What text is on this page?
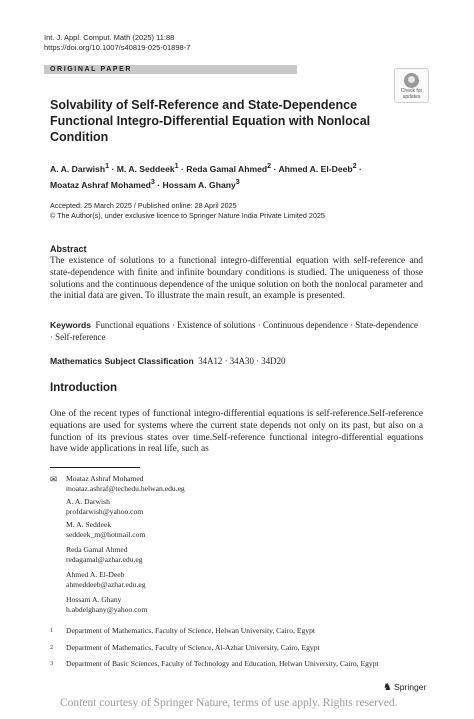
Int. J. Appl. Comput. Math (2025) 11:88
https://doi.org/10.1007/s40819-025-01898-7
ORIGINAL PAPER
Check for
updates
Solvability of Self-Reference and State-Dependence Functional Integro-Differential Equation with Nonlocal Condition
A. A. Darwish$^1$ · M. A. Seddeek$^1$ · Reda Gamal Ahmed$^2$ · Ahmed A. El-Deeb$^2$ ·
Moataz Ashraf Mohamed$^3$ · Hossam A. Ghany$^3$
Accepted: 25 March 2025 / Published online: 28 April 2025
© The Author(s), under exclusive licence to Springer Nature India Private Limited 2025
Abstract
The existence of solutions to a functional integro-differential equation with self-reference and state-dependence with finite and infinite boundary conditions is studied. The uniqueness of those solutions and the continuous dependence of the unique solution on both the nonlocal parameter and the initial data are given. To illustrate the main result, an example is presented.
Keywords Functional equations · Existence of solutions · Continuous dependence · State-dependence · Self-reference
Mathematics Subject Classification 34A12 · 34A30 · 34D20
Introduction
One of the recent types of functional integro-differential equations is self-reference.Self-reference equations are used for systems where the current state depends not only on its past, but also on a function of its previous states over time.Self-reference functional integro-differential equations have wide applications in real life, such as
✉ Moataz Ashraf Mohamed
moataz.ashraf@techedu.helwan.edu.eg
A. A. Darwish
profdarwish@yahoo.com
M. A. Seddeek
seddeek_m@hotmail.com
Reda Gamal Ahmed
redagamal@azhar.edu.eg
Ahmed A. El-Deeb
ahmeddeeb@azhar.edu.eg
Hossam A. Ghany
h.abdelghany@yahoo.com
1 Department of Mathematics, Faculty of Science, Helwan University, Cairo, Egypt
2 Department of Mathematics, Faculty of Science, Al-Azhar University, Cairo, Egypt
3 Department of Basic Sciences, Faculty of Technology and Education, Helwan University, Cairo, Egypt
♞ Springer
Content courtesy of Springer Nature, terms of use apply. Rights reserved.
